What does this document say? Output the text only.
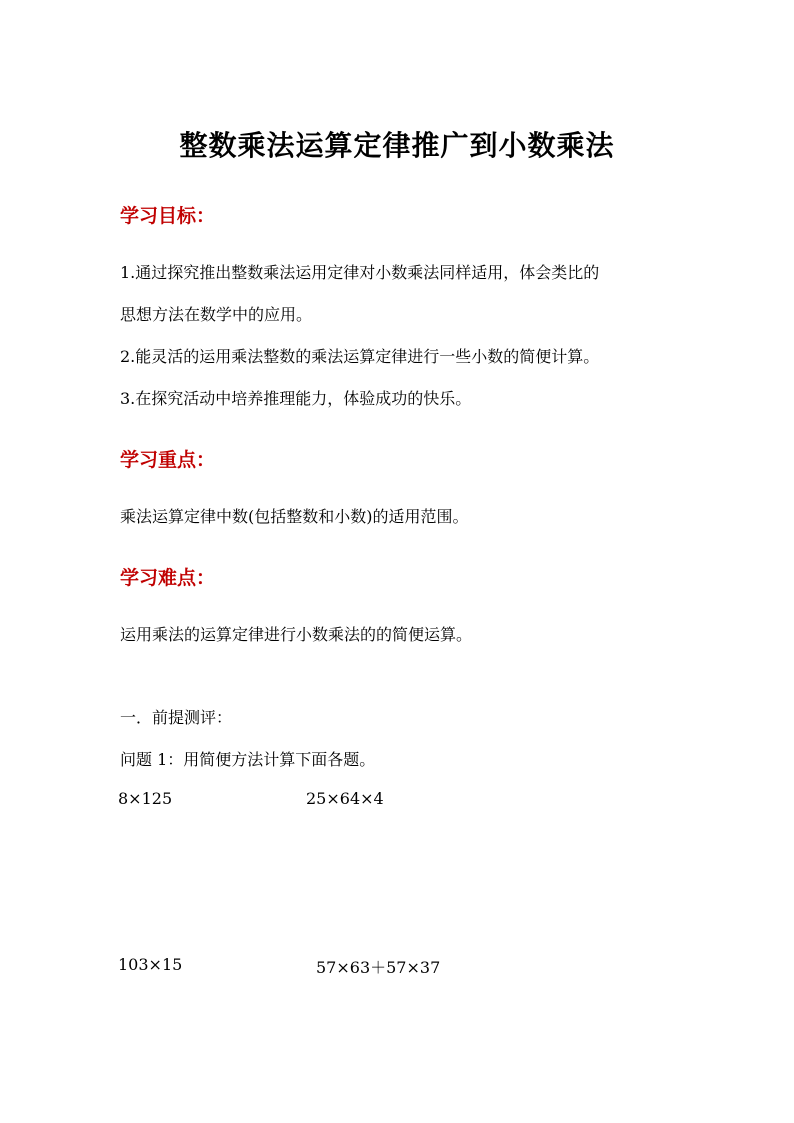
整数乘法运算定律推广到小数乘法
学习目标：
1.通过探究推出整数乘法运用定律对小数乘法同样适用，体会类比的
思想方法在数学中的应用。
2.能灵活的运用乘法整数的乘法运算定律进行一些小数的简便计算。
3.在探究活动中培养推理能力，体验成功的快乐。
学习重点：
乘法运算定律中数(包括整数和小数)的适用范围。
学习难点：
运用乘法的运算定律进行小数乘法的的简便运算。
一．前提测评：
问题 1：用简便方法计算下面各题。
8×125	25×64×4
103×15	57×63＋57×37
